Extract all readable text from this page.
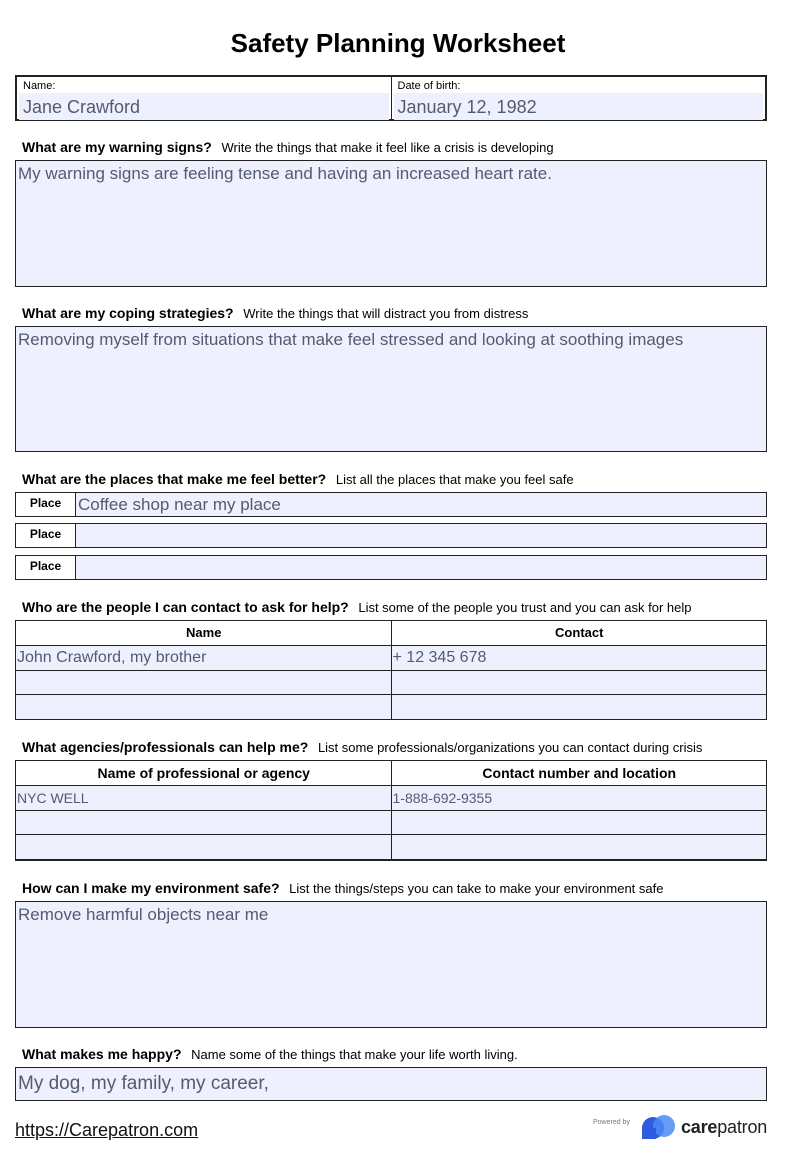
Safety Planning Worksheet
Name:
Jane Crawford
Date of birth:
January 12, 1982
What are my warning signs? Write the things that make it feel like a crisis is developing
My warning signs are feeling tense and having an increased heart rate.
What are my coping strategies? Write the things that will distract you from distress
Removing myself from situations that make feel stressed and looking at soothing images
What are the places that make me feel better? List all the places that make you feel safe
Place Coffee shop near my place
Place
Place
Who are the people I can contact to ask for help? List some of the people you trust and you can ask for help
Name	Contact
John Crawford, my brother	+ 12 345 678
What agencies/professionals can help me? List some professionals/organizations you can contact during crisis
Name of professional or agency	Contact number and location
NYC WELL	1-888-692-9355
How can I make my environment safe? List the things/steps you can take to make your environment safe
Remove harmful objects near me
What makes me happy? Name some of the things that make your life worth living.
My dog, my family, my career,
https://Carepatron.com	Powered by	carepatron
